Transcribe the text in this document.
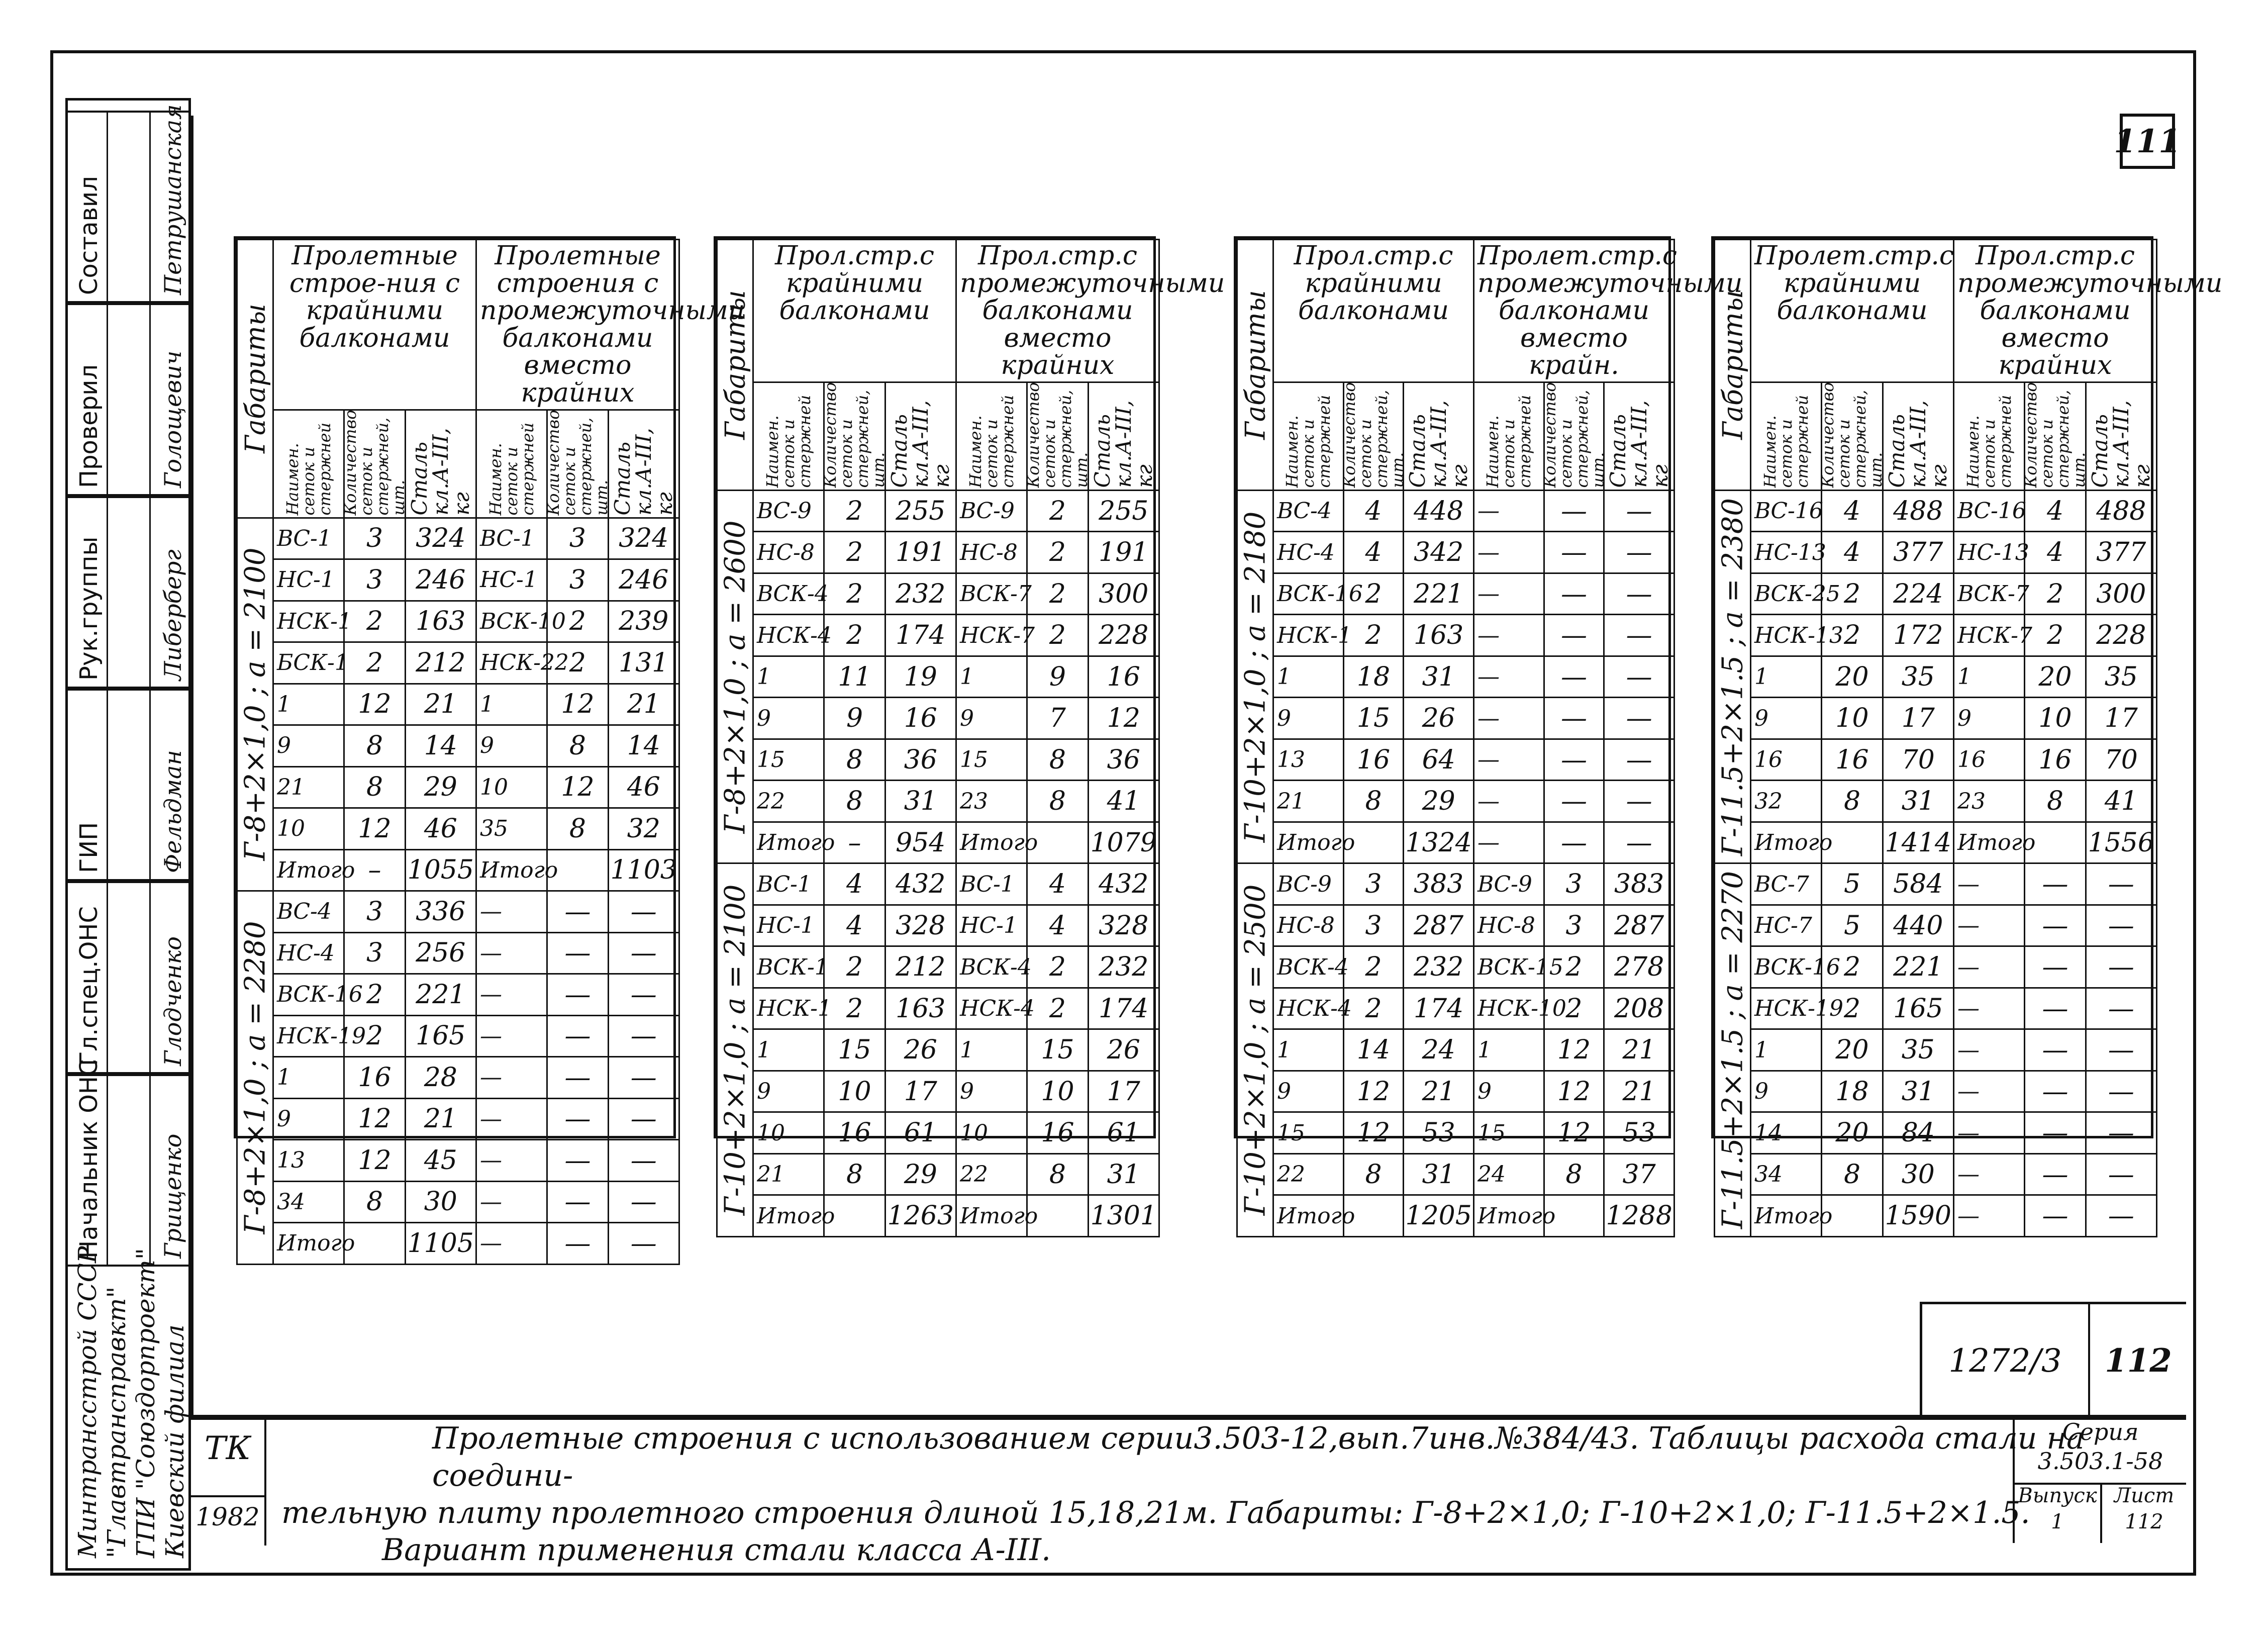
111
Начальник ОНС Грищенко
Гл.спец.ОНС Глодченко
ГИП Фельдман
Рук.группы Либерберг
Проверил Голощевич
Составил Петрушанская
Минтрансстрой СССР "Главтрансправкт" ГПИ "Союздорпроект" Киевский филиал
Габариты	Пролетные строе-ния с крайними балконами			Пролетные строения с промежуточными балконами вместо крайних		

	Наимен. сеток и стержней	Количество сеток и стержней, шт.	Сталь кл.А-III, кг	Наимен. сеток и стержней	Количество сеток и стержней, шт.	Сталь кл.А-III, кг

Г-8+2×1,0 ; а = 2100	ВС-1	3	324	ВС-1	3	324
	НС-1	3	246	НС-1	3	246
	НСК-1	2	163	ВСК-10	2	239
	БСК-1	2	212	НСК-22	2	131
	1	12	21	1	12	21
	9	8	14	9	8	14
	21	8	29	10	12	46
	10	12	46	35	8	32
	Итого	–	1055	Итого		1103

Г-8+2×1,0 ; а = 2280	ВС-4	3	336	—	—	—
	НС-4	3	256	—	—	—
	ВСК-16	2	221	—	—	—
	НСК-19	2	165	—	—	—
	1	16	28	—	—	—
	9	12	21	—	—	—
	13	12	45	—	—	—
	34	8	30	—	—	—
	Итого		1105	—	—	—
Габариты	Прол.стр.с крайними балконами			Прол.стр.с промежуточными балконами вместо крайних		

	Наимен. сеток и стержней	Количество сеток и стержней, шт.	Сталь кл.А-III, кг	Наимен. сеток и стержней	Количество сеток и стержней, шт.	Сталь кл.А-III, кг

Г-8+2×1,0 ; а = 2600	ВС-9	2	255	ВС-9	2	255
	НС-8	2	191	НС-8	2	191
	ВСК-4	2	232	ВСК-7	2	300
	НСК-4	2	174	НСК-7	2	228
	1	11	19	1	9	16
	9	9	16	9	7	12
	15	8	36	15	8	36
	22	8	31	23	8	41
	Итого	–	954	Итого		1079

Г-10+2×1,0 ; а = 2100	ВС-1	4	432	ВС-1	4	432
	НС-1	4	328	НС-1	4	328
	ВСК-1	2	212	ВСК-4	2	232
	НСК-1	2	163	НСК-4	2	174
	1	15	26	1	15	26
	9	10	17	9	10	17
	10	16	61	10	16	61
	21	8	29	22	8	31
	Итого		1263	Итого		1301
Габариты	Прол.стр.с крайними балконами			Пролет.стр.с промежуточными балконами вместо крайн.		

	Наимен. сеток и стержней	Количество сеток и стержней, шт.	Сталь кл.А-III, кг	Наимен. сеток и стержней	Количество сеток и стержней, шт.	Сталь кл.А-III, кг

Г-10+2×1,0 ; а = 2180	ВС-4	4	448	—	—	—
	НС-4	4	342	—	—	—
	ВСК-16	2	221	—	—	—
	НСК-1	2	163	—	—	—
	1	18	31	—	—	—
	9	15	26	—	—	—
	13	16	64	—	—	—
	21	8	29	—	—	—
	Итого		1324	—	—	—

Г-10+2×1,0 ; а = 2500	ВС-9	3	383	ВС-9	3	383
	НС-8	3	287	НС-8	3	287
	ВСК-4	2	232	ВСК-15	2	278
	НСК-4	2	174	НСК-10	2	208
	1	14	24	1	12	21
	9	12	21	9	12	21
	15	12	53	15	12	53
	22	8	31	24	8	37
	Итого		1205	Итого		1288
Габариты	Пролет.стр.с крайними балконами			Прол.стр.с промежуточными балконами вместо крайних		

	Наимен. сеток и стержней	Количество сеток и стержней, шт.	Сталь кл.А-III, кг	Наимен. сеток и стержней	Количество сеток и стержней, шт.	Сталь кл.А-III, кг

Г-11.5+2×1.5 ; а = 2380	ВС-16	4	488	ВС-16	4	488
	НС-13	4	377	НС-13	4	377
	ВСК-25	2	224	ВСК-7	2	300
	НСК-13	2	172	НСК-7	2	228
	1	20	35	1	20	35
	9	10	17	9	10	17
	16	16	70	16	16	70
	32	8	31	23	8	41
	Итого		1414	Итого		1556

Г-11.5+2×1.5 ; а = 2270	ВС-7	5	584	—	—	—
	НС-7	5	440	—	—	—
	ВСК-16	2	221	—	—	—
	НСК-19	2	165	—	—	—
	1	20	35	—	—	—
	9	18	31	—	—	—
	14	20	84	—	—	—
	34	8	30	—	—	—
	Итого		1590	—	—	—
1272/3	112
ТК
1982
Пролетные строения с использованием серии3.503-12,вып.7инв.№384/43. Таблицы расхода стали на соедини-
тельную плиту пролетного строения длиной 15,18,21м. Габариты: Г-8+2×1,0; Г-10+2×1,0; Г-11.5+2×1.5.
Вариант применения стали класса А-III.
Серия
3.503.1-58
Выпуск
1
Лист
112
